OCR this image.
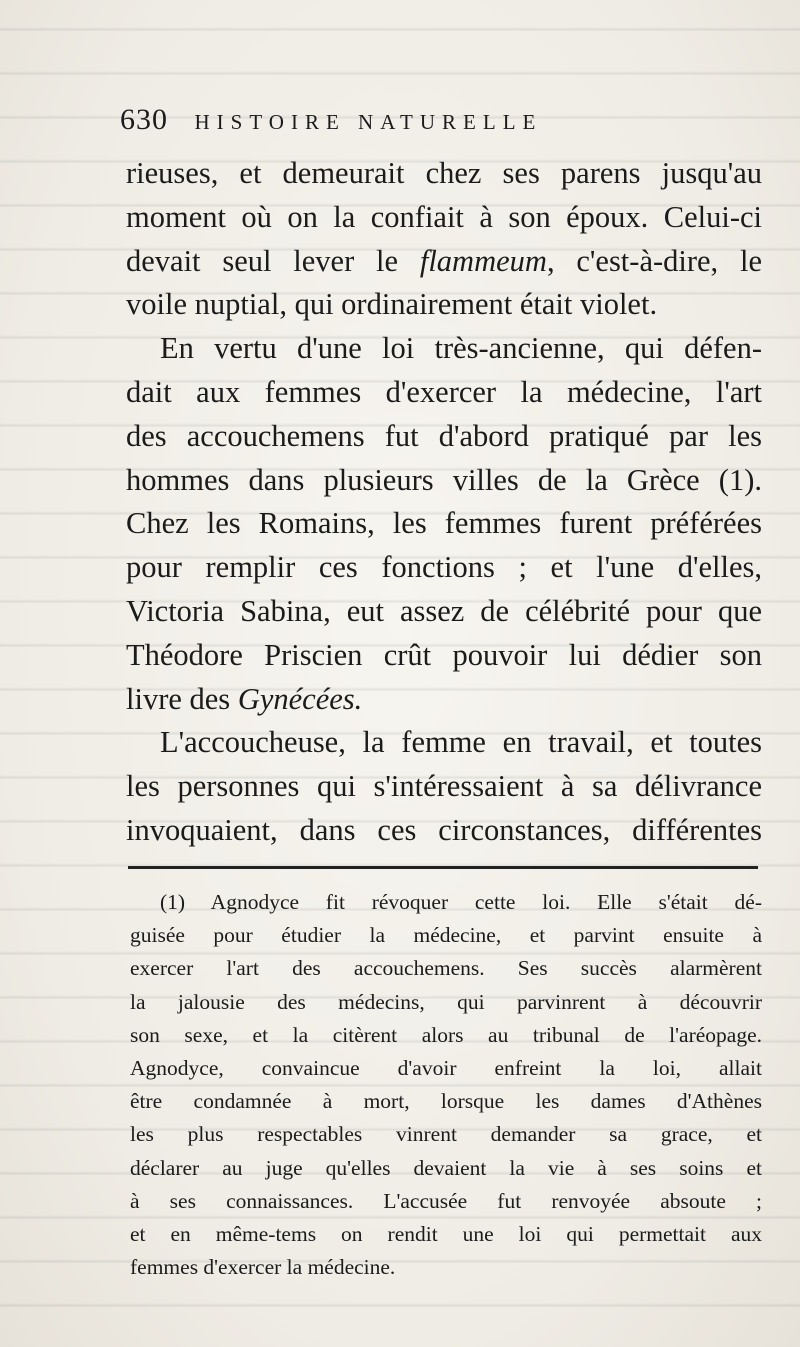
630 HISTOIRE NATURELLE
rieuses, et demeurait chez ses parens jusqu'au
moment où on la confiait à son époux. Celui-ci
devait seul lever le flammeum, c'est-à-dire, le
voile nuptial, qui ordinairement était violet.
En vertu d'une loi très-ancienne, qui défen-
dait aux femmes d'exercer la médecine, l'art
des accouchemens fut d'abord pratiqué par les
hommes dans plusieurs villes de la Grèce (1).
Chez les Romains, les femmes furent préférées
pour remplir ces fonctions ; et l'une d'elles,
Victoria Sabina, eut assez de célébrité pour que
Théodore Priscien crût pouvoir lui dédier son
livre des Gynécées.
L'accoucheuse, la femme en travail, et toutes
les personnes qui s'intéressaient à sa délivrance
invoquaient, dans ces circonstances, différentes
(1) Agnodyce fit révoquer cette loi. Elle s'était dé-
guisée pour étudier la médecine, et parvint ensuite à
exercer l'art des accouchemens. Ses succès alarmèrent
la jalousie des médecins, qui parvinrent à découvrir
son sexe, et la citèrent alors au tribunal de l'aréopage.
Agnodyce, convaincue d'avoir enfreint la loi, allait
être condamnée à mort, lorsque les dames d'Athènes
les plus respectables vinrent demander sa grace, et
déclarer au juge qu'elles devaient la vie à ses soins et
à ses connaissances. L'accusée fut renvoyée absoute ;
et en même-tems on rendit une loi qui permettait aux
femmes d'exercer la médecine.
